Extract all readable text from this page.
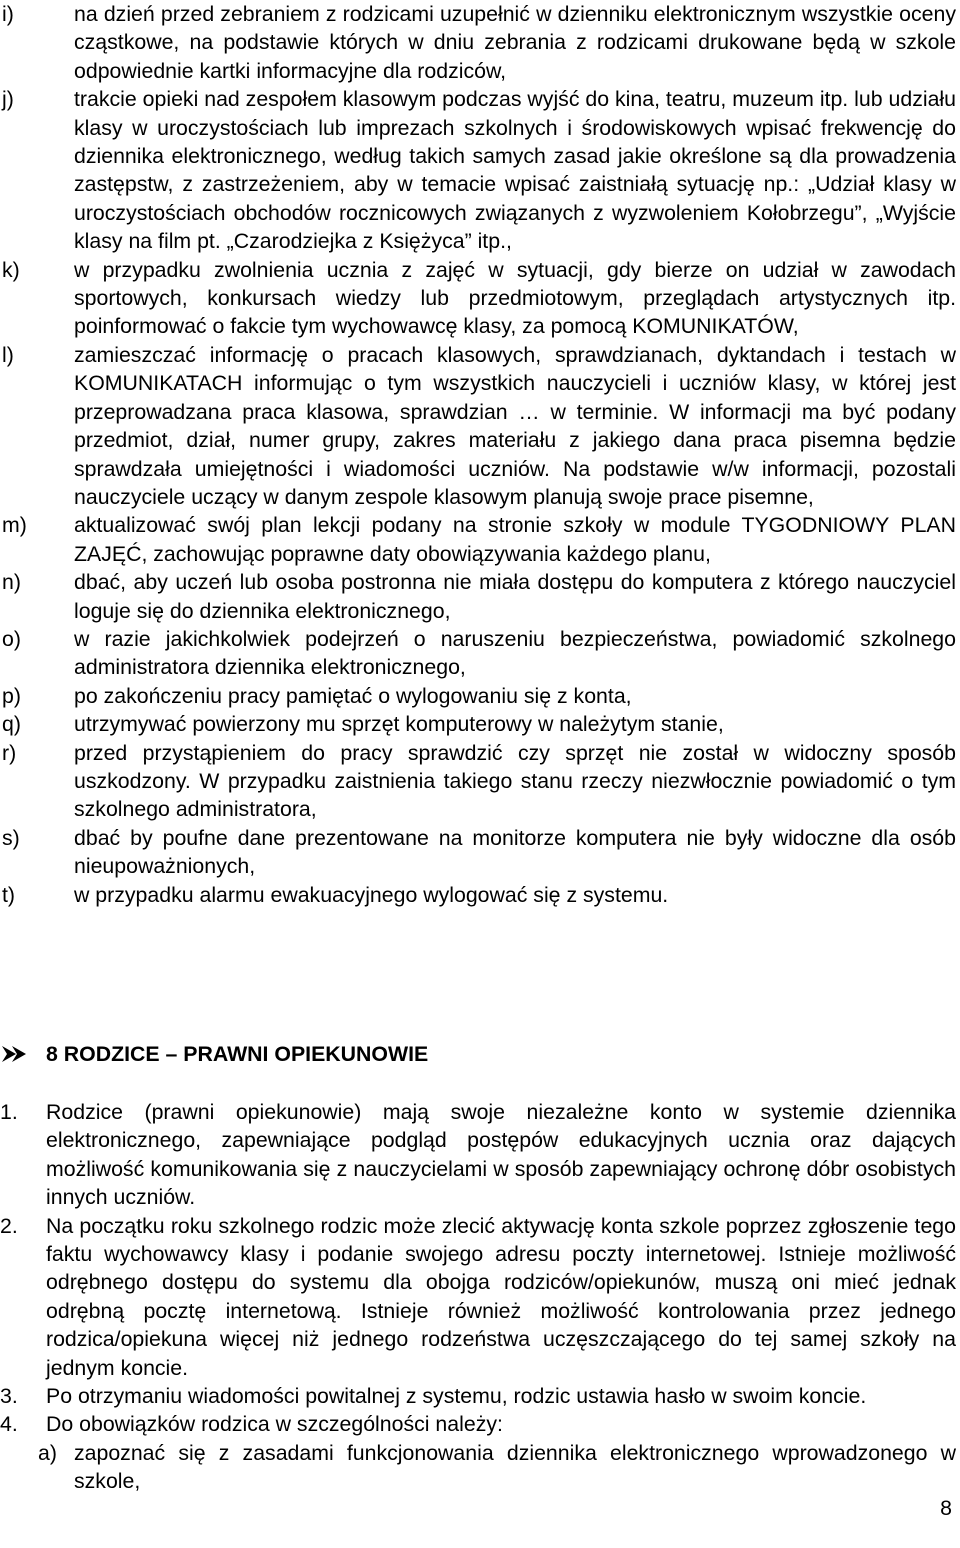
i)	na dzień przed zebraniem z rodzicami uzupełnić w dzienniku elektronicznym wszystkie oceny cząstkowe, na podstawie których w dniu zebrania z rodzicami drukowane będą w szkole odpowiednie kartki informacyjne dla rodziców,
j)	trakcie opieki nad zespołem klasowym podczas wyjść do kina, teatru, muzeum itp. lub udziału klasy w uroczystościach lub imprezach szkolnych i środowiskowych wpisać frekwencję do dziennika elektronicznego, według takich samych zasad jakie określone są dla prowadzenia zastępstw, z zastrzeżeniem, aby w temacie wpisać zaistniałą sytuację np.: „Udział klasy w uroczystościach obchodów rocznicowych związanych z wyzwoleniem Kołobrzegu”, „Wyjście klasy na film pt. „Czarodziejka z Księżyca” itp.,
k)	w przypadku zwolnienia ucznia z zajęć w sytuacji, gdy bierze on udział w zawodach sportowych, konkursach wiedzy lub przedmiotowym, przeglądach artystycznych itp. poinformować o fakcie tym wychowawcę klasy, za pomocą KOMUNIKATÓW,
l)	zamieszczać informację o pracach klasowych, sprawdzianach, dyktandach i testach w KOMUNIKATACH informując o tym wszystkich nauczycieli i uczniów klasy, w której jest przeprowadzana praca klasowa, sprawdzian … w terminie. W informacji ma być podany przedmiot, dział, numer grupy, zakres materiału z jakiego dana praca pisemna będzie sprawdzała umiejętności i wiadomości uczniów. Na podstawie w/w informacji, pozostali nauczyciele uczący w danym zespole klasowym planują swoje prace pisemne,
m) aktualizować swój plan lekcji podany na stronie szkoły w module TYGODNIOWY PLAN ZAJĘĆ, zachowując poprawne daty obowiązywania każdego planu,
n) dbać, aby uczeń lub osoba postronna nie miała dostępu do komputera z którego nauczyciel loguje się do dziennika elektronicznego,
o) w razie jakichkolwiek podejrzeń o naruszeniu bezpieczeństwa, powiadomić szkolnego administratora dziennika elektronicznego,
p) po zakończeniu pracy pamiętać o wylogowaniu się z konta,
q) utrzymywać powierzony mu sprzęt komputerowy w należytym stanie,
r)	przed przystąpieniem do pracy sprawdzić czy sprzęt nie został w widoczny sposób uszkodzony. W przypadku zaistnienia takiego stanu rzeczy niezwłocznie powiadomić o tym szkolnego administratora,
s)	dbać by poufne dane prezentowane na monitorze komputera nie były widoczne dla osób nieupoważnionych,
t)	w przypadku alarmu ewakuacyjnego wylogować się z systemu.
8 RODZICE – PRAWNI OPIEKUNOWIE
1. Rodzice (prawni opiekunowie) mają swoje niezależne konto w systemie dziennika elektronicznego, zapewniające podgląd postępów edukacyjnych ucznia oraz dających możliwość komunikowania się z nauczycielami w sposób zapewniający ochronę dóbr osobistych innych uczniów.
2. Na początku roku szkolnego rodzic może zlecić aktywację konta szkole poprzez zgłoszenie tego faktu wychowawcy klasy i podanie swojego adresu poczty internetowej. Istnieje możliwość odrębnego dostępu do systemu dla obojga rodziców/opiekunów, muszą oni mieć jednak odrębną pocztę internetową. Istnieje również możliwość kontrolowania przez jednego rodzica/opiekuna więcej niż jednego rodzeństwa uczęszczającego do tej samej szkoły na jednym koncie.
3. Po otrzymaniu wiadomości powitalnej z systemu, rodzic ustawia hasło w swoim koncie.
4. Do obowiązków rodzica w szczególności należy:
a) zapoznać się z zasadami funkcjonowania dziennika elektronicznego wprowadzonego w szkole,
8
